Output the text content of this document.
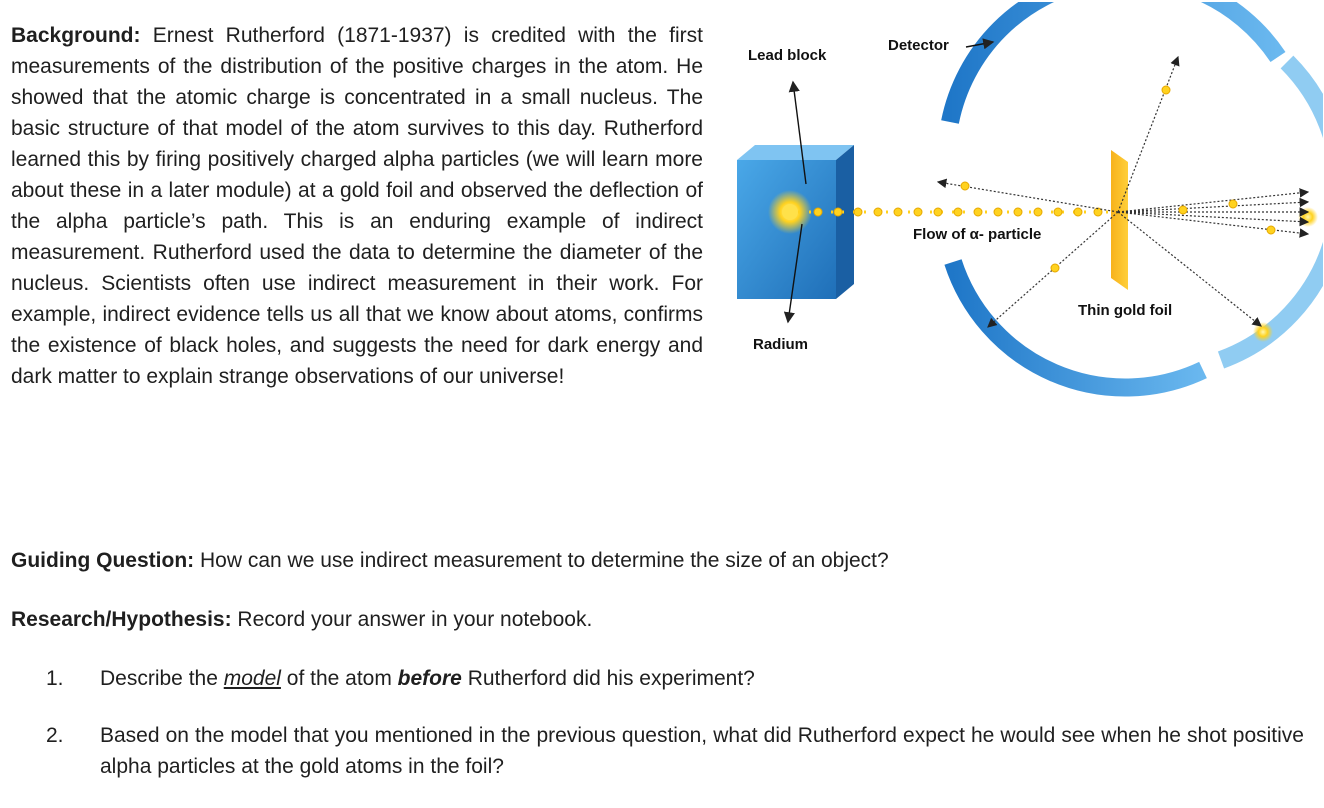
Lead block
Detector
Flow of α- particle
Thin gold foil
Radium
Background: Ernest Rutherford (1871-1937) is credited with the first measurements of the distribution of the positive charges in the atom. He showed that the atomic charge is concentrated in a small nucleus. The basic structure of that model of the atom survives to this day. Rutherford learned this by firing positively charged alpha particles (we will learn more about these in a later module) at a gold foil and observed the deflection of the alpha particle’s path. This is an enduring example of indirect measurement. Rutherford used the data to determine the diameter of the nucleus. Scientists often use indirect measurement in their work. For example, indirect evidence tells us all that we know about atoms, confirms the existence of black holes, and suggests the need for dark energy and dark matter to explain strange observations of our universe!
Guiding Question: How can we use indirect measurement to determine the size of an object?
Research/Hypothesis: Record your answer in your notebook.
1. Describe the model of the atom before Rutherford did his experiment?
2. Based on the model that you mentioned in the previous question, what did Rutherford expect he would see when he shot positive alpha particles at the gold atoms in the foil?
